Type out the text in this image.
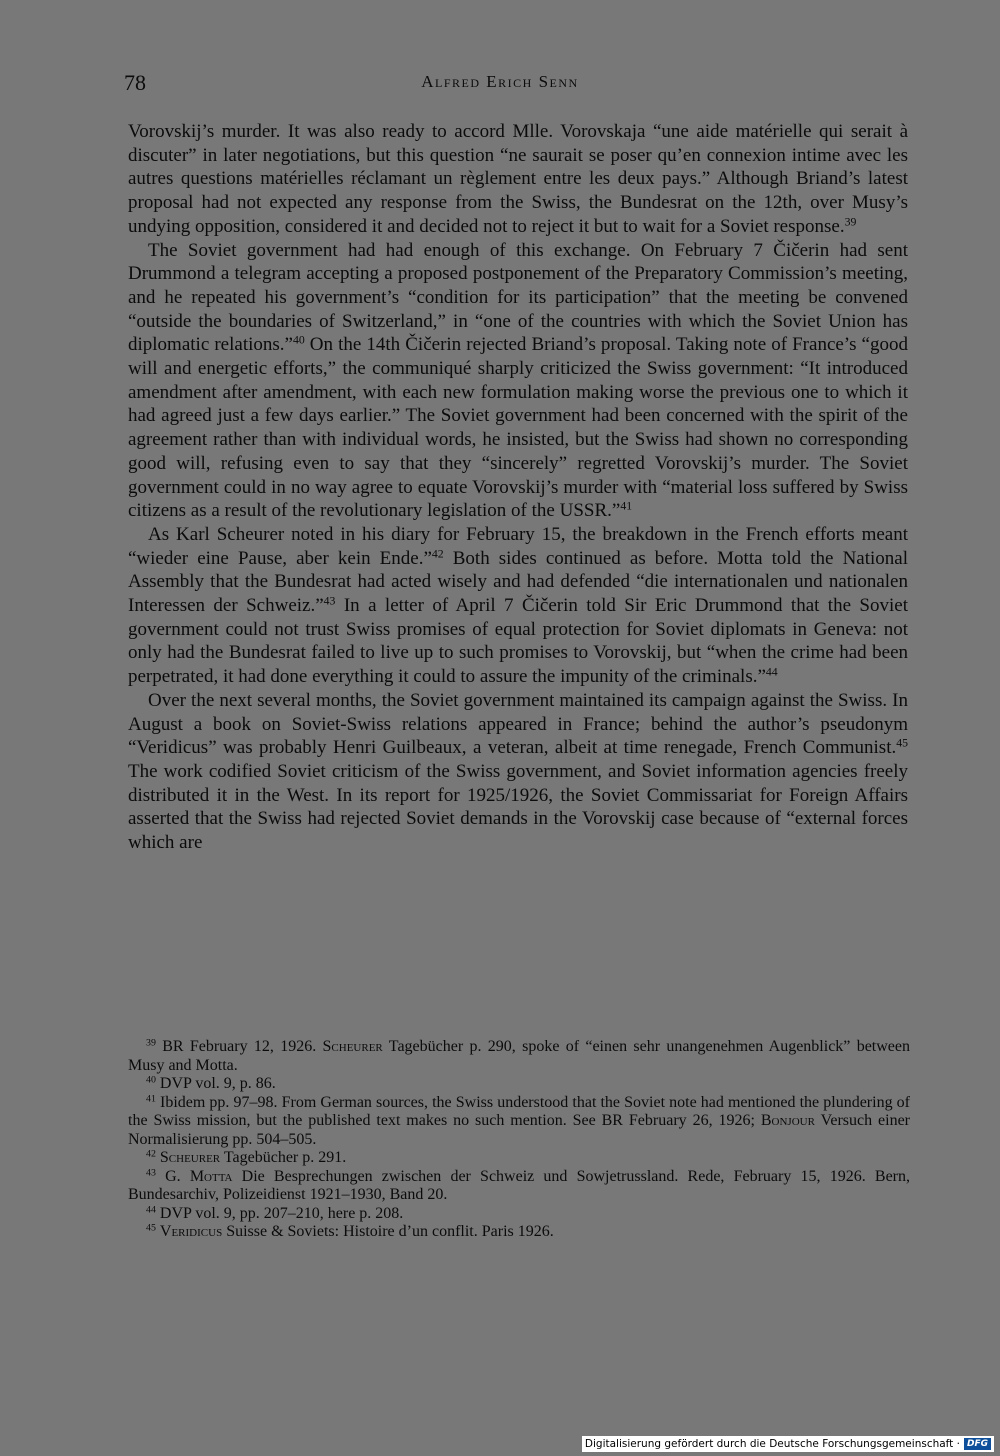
78	Alfred Erich Senn

Vorovskij’s murder. It was also ready to accord Mlle. Vorovskaja “une aide matérielle qui serait à discuter” in later negotiations, but this question “ne saurait se poser qu’en connexion intime avec les autres questions matérielles réclamant un règlement entre les deux pays.” Although Briand’s latest proposal had not expected any response from the Swiss, the Bundesrat on the 12th, over Musy’s undying opposition, considered it and decided not to reject it but to wait for a Soviet response.$^{39}$

The Soviet government had had enough of this exchange. On February 7 Čičerin had sent Drummond a telegram accepting a proposed postponement of the Preparatory Commission’s meeting, and he repeated his government’s “condition for its participation” that the meeting be convened “outside the boundaries of Switzerland,” in “one of the countries with which the Soviet Union has diplomatic relations.”$^{40}$ On the 14th Čičerin rejected Briand’s proposal. Taking note of France’s “good will and energetic efforts,” the communiqué sharply criticized the Swiss government: “It introduced amendment after amendment, with each new formulation making worse the previous one to which it had agreed just a few days earlier.” The Soviet government had been concerned with the spirit of the agreement rather than with individual words, he insisted, but the Swiss had shown no corresponding good will, refusing even to say that they “sincerely” regretted Vorovskij’s murder. The Soviet government could in no way agree to equate Vorovskij’s murder with “material loss suffered by Swiss citizens as a result of the revolutionary legislation of the USSR.”$^{41}$

As Karl Scheurer noted in his diary for February 15, the breakdown in the French efforts meant “wieder eine Pause, aber kein Ende.”$^{42}$ Both sides continued as before. Motta told the National Assembly that the Bundesrat had acted wisely and had defended “die internationalen und nationalen Interessen der Schweiz.”$^{43}$ In a letter of April 7 Čičerin told Sir Eric Drummond that the Soviet government could not trust Swiss promises of equal protection for Soviet diplomats in Geneva: not only had the Bundesrat failed to live up to such promises to Vorovskij, but “when the crime had been perpetrated, it had done everything it could to assure the impunity of the criminals.”$^{44}$

Over the next several months, the Soviet government maintained its campaign against the Swiss. In August a book on Soviet-Swiss relations appeared in France; behind the author’s pseudonym “Veridicus” was probably Henri Guilbeaux, a veteran, albeit at time renegade, French Communist.$^{45}$ The work codified Soviet criticism of the Swiss government, and Soviet information agencies freely distributed it in the West. In its report for 1925/1926, the Soviet Commissariat for Foreign Affairs asserted that the Swiss had rejected Soviet demands in the Vorovskij case because of “external forces which are

$^{39}$ BR February 12, 1926. Scheurer Tagebücher p. 290, spoke of “einen sehr unangenehmen Augenblick” between Musy and Motta.

$^{40}$ DVP vol. 9, p. 86.

$^{41}$ Ibidem pp. 97–98. From German sources, the Swiss understood that the Soviet note had mentioned the plundering of the Swiss mission, but the published text makes no such mention. See BR February 26, 1926; Bonjour Versuch einer Normalisierung pp. 504–505.

$^{42}$ Scheurer Tagebücher p. 291.

$^{43}$ G. Motta Die Besprechungen zwischen der Schweiz und Sowjetrussland. Rede, February 15, 1926. Bern, Bundesarchiv, Polizeidienst 1921–1930, Band 20.

$^{44}$ DVP vol. 9, pp. 207–210, here p. 208.

$^{45}$ Veridicus Suisse & Soviets: Histoire d’un conflit. Paris 1926.

Digitalisierung gefördert durch die Deutsche Forschungsgemeinschaft · DFG
